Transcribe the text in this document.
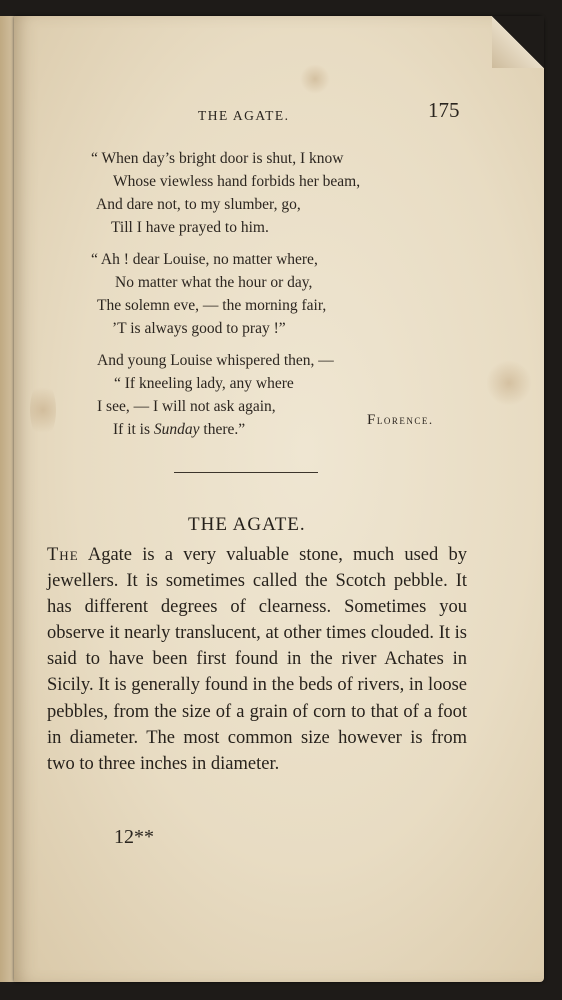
THE AGATE.	175
“ When day’s bright door is shut, I know
Whose viewless hand forbids her beam,
And dare not, to my slumber, go,
Till I have prayed to him.
“ Ah ! dear Louise, no matter where,
No matter what the hour or day,
The solemn eve, — the morning fair,
’T is always good to pray !”
And young Louise whispered then, —
“ If kneeling lady, any where
I see, — I will not ask again,
If it is Sunday there.”
Florence.
THE AGATE.
The Agate is a very valuable stone, much used by jewellers. It is sometimes called the Scotch pebble. It has different degrees of clearness. Sometimes you observe it nearly translucent, at other times clouded. It is said to have been first found in the river Achates in Sicily. It is generally found in the beds of rivers, in loose pebbles, from the size of a grain of corn to that of a foot in diameter. The most common size however is from two to three inches in diameter.
12**
